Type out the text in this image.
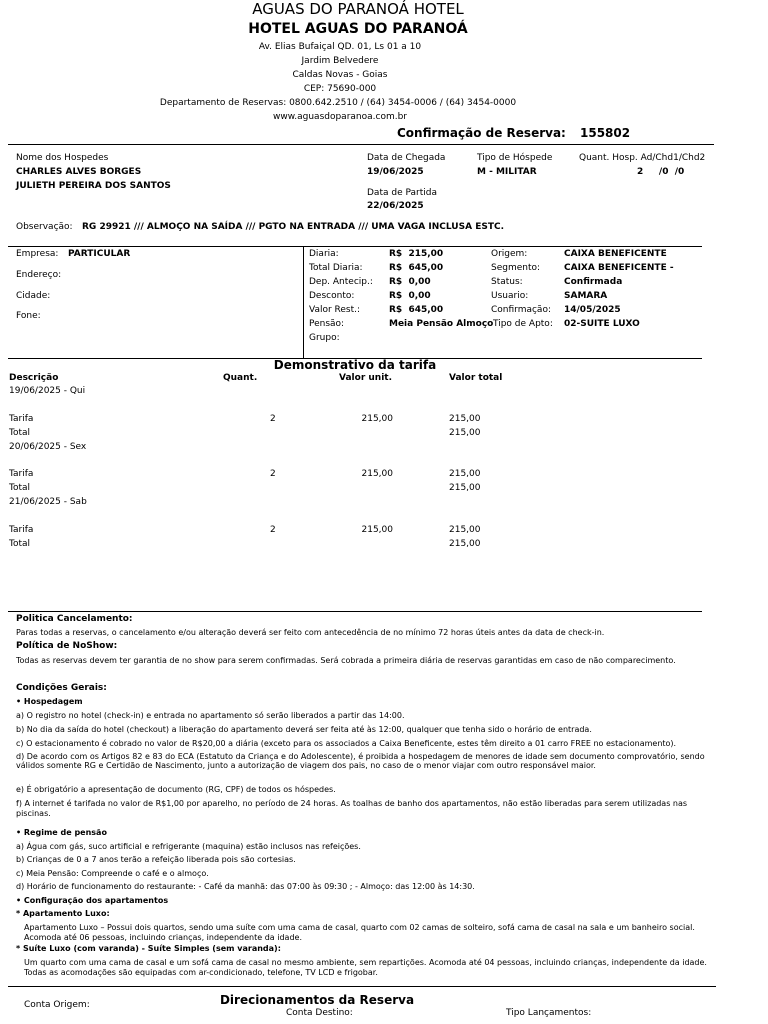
AGUAS DO PARANOÁ HOTEL
HOTEL AGUAS DO PARANOÁ
Av. Elias Bufaiçal QD. 01, Ls 01 a 10
Jardim Belvedere
Caldas Novas - Goias
CEP: 75690-000
Departamento de Reservas: 0800.642.2510 / (64) 3454-0006 / (64) 3454-0000
www.aguasdoparanoa.com.br
Confirmação de Reserva: 155802
Nome dos Hospedes
CHARLES ALVES BORGES
JULIETH PEREIRA DOS SANTOS
Data de Chegada
19/06/2025
Data de Partida
22/06/2025
Tipo de Hóspede
M - MILITAR
Quant. Hosp. Ad/Chd1/Chd2
2     /0  /0
Observação: RG 29921 /// ALMOÇO NA SAÍDA /// PGTO NA ENTRADA /// UMA VAGA INCLUSA ESTC.
Empresa: PARTICULAR
Endereço:
Cidade:
Fone:
Diaria:	R$  215,00
Total Diaria:	R$  645,00
Dep. Antecip.: R$  0,00
Desconto:	R$  0,00
Valor Rest.:	R$  645,00
Pensão:	Meia Pensão Almoço
Grupo:
Origem:	CAIXA BENEFICENTE
Segmento:	CAIXA BENEFICENTE -
Status:	Confirmada
Usuario:	SAMARA
Confirmação: 14/05/2025
Tipo de Apto: 02-SUITE LUXO
Demonstrativo da tarifa
Descrição	Quant.	Valor unit.	Valor total
19/06/2025 - Qui
Tarifa	2	215,00	215,00
Total	215,00
20/06/2025 - Sex
Tarifa	2	215,00	215,00
Total	215,00
21/06/2025 - Sab
Tarifa	2	215,00	215,00
Total	215,00
Politica Cancelamento:
Paras todas a reservas, o cancelamento e/ou alteração deverá ser feito com antecedência de no mínimo 72 horas úteis antes da data de check-in.
Política de NoShow:
Todas as reservas devem ter garantia de no show para serem confirmadas. Será cobrada a primeira diária de reservas garantidas em caso de não comparecimento.
Condições Gerais:
• Hospedagem
a) O registro no hotel (check-in) e entrada no apartamento só serão liberados a partir das 14:00.
b) No dia da saída do hotel (checkout) a liberação do apartamento deverá ser feita até às 12:00, qualquer que tenha sido o horário de entrada.
c) O estacionamento é cobrado no valor de R$20,00 a diária (exceto para os associados a Caixa Beneficente, estes têm direito a 01 carro FREE no estacionamento).
d) De acordo com os Artigos 82 e 83 do ECA (Estatuto da Criança e do Adolescente), é proibida a hospedagem de menores de idade sem documento comprovatório, sendo válidos somente RG e Certidão de Nascimento, junto a autorização de viagem dos pais, no caso de o menor viajar com outro responsável maior.
e) É obrigatório a apresentação de documento (RG, CPF) de todos os hóspedes.
f) A internet é tarifada no valor de R$1,00 por aparelho, no período de 24 horas. As toalhas de banho dos apartamentos, não estão liberadas para serem utilizadas nas piscinas.
• Regime de pensão
a) Água com gás, suco artificial e refrigerante (maquina) estão inclusos nas refeições.
b) Crianças de 0 a 7 anos terão a refeição liberada pois são cortesias.
c) Meia Pensão: Compreende o café e o almoço.
d) Horário de funcionamento do restaurante: - Café da manhã: das 07:00 às 09:30 ; - Almoço: das 12:00 às 14:30.
• Configuração dos apartamentos
* Apartamento Luxo:
Apartamento Luxo – Possui dois quartos, sendo uma suíte com uma cama de casal, quarto com 02 camas de solteiro, sofá cama de casal na sala e um banheiro social. Acomoda até 06 pessoas, incluindo crianças, independente da idade.
* Suíte Luxo (com varanda) - Suíte Simples (sem varanda):
Um quarto com uma cama de casal e um sofá cama de casal no mesmo ambiente, sem repartições. Acomoda até 04 pessoas, incluindo crianças, independente da idade. Todas as acomodações são equipadas com ar-condicionado, telefone, TV LCD e frigobar.
Direcionamentos da Reserva
Conta Origem:
Conta Destino:	Tipo Lançamentos:
